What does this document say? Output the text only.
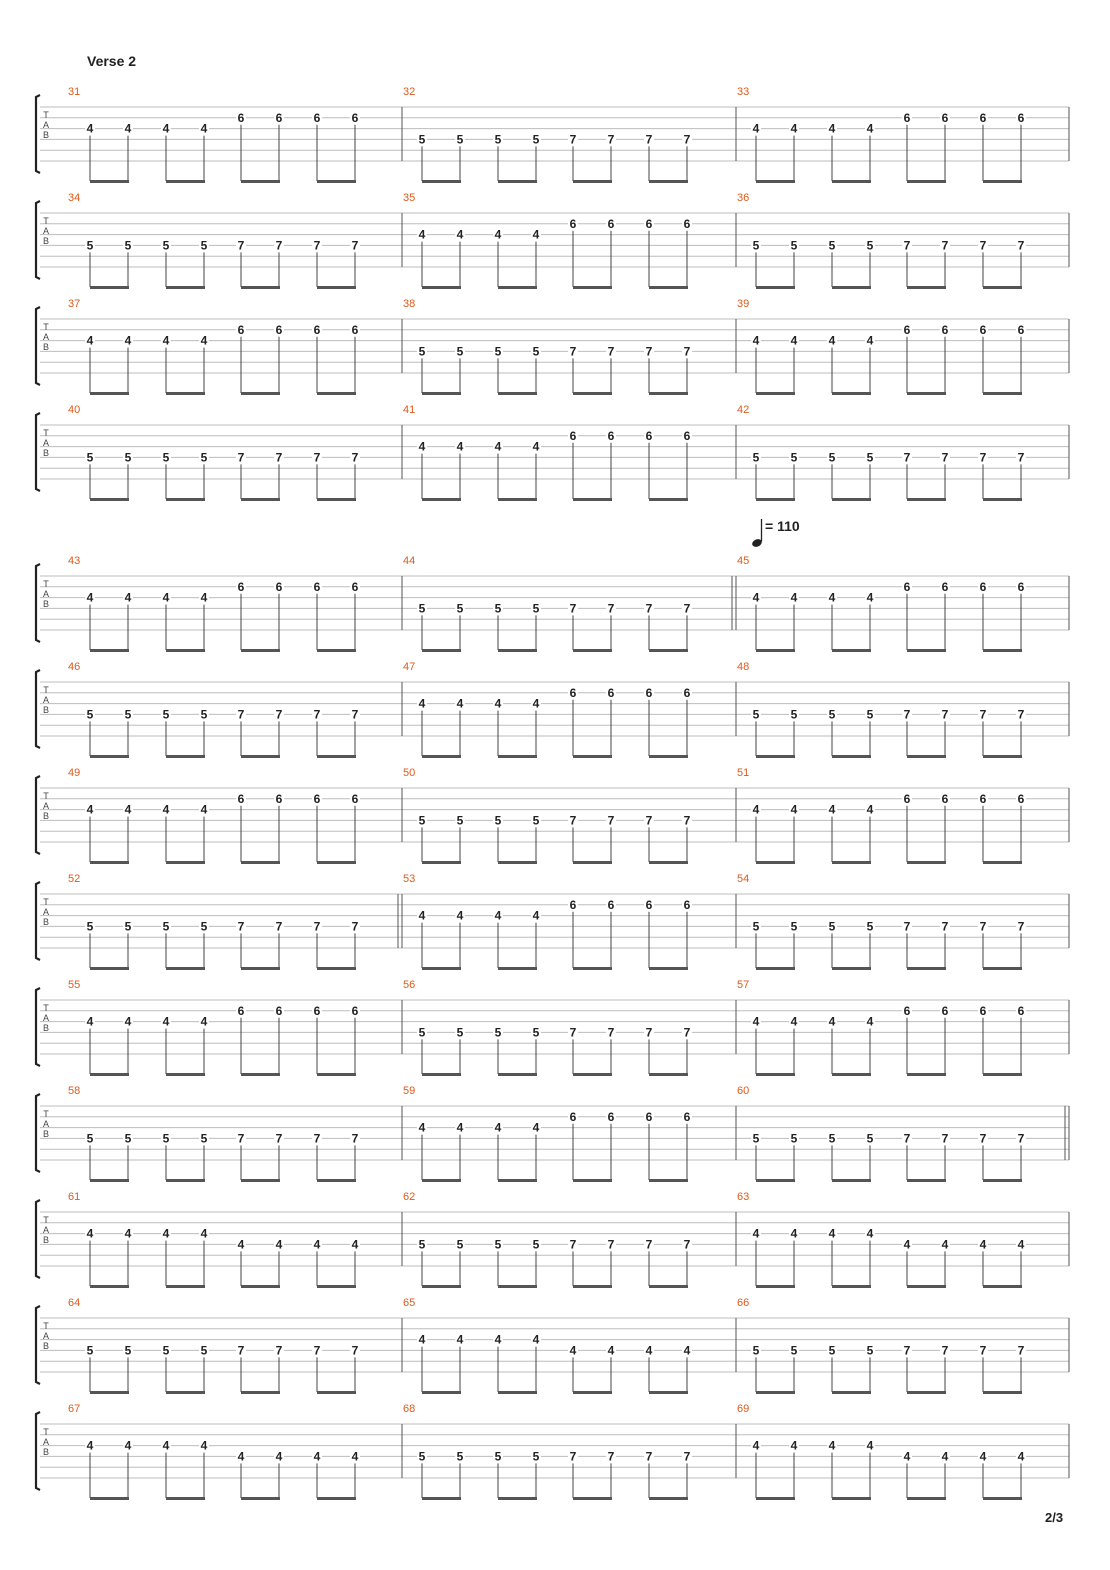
Verse 2
= 110
T
A
B
31
4	4	4	4
6	6	6	6
32
5	5	5	5	7	7	7	7
33
4	4	4	4
6	6	6	6
T
A
B
34
5	5	5	5	7	7	7	7
35
4	4	4	4
6	6	6	6
36
5	5	5	5	7	7	7	7
T
A
B
37
4	4	4	4
6	6	6	6
38
5	5	5	5	7	7	7	7
39
4	4	4	4
6	6	6	6
T
A
B
40
5	5	5	5	7	7	7	7
41
4	4	4	4
6	6	6	6
42
5	5	5	5	7	7	7	7
T
A
B
43
4	4	4	4
6	6	6	6
44
5	5	5	5	7	7	7	7
45
4	4	4	4
6	6	6	6
T
A
B
46
5	5	5	5	7	7	7	7
47
4	4	4	4
6	6	6	6
48
5	5	5	5	7	7	7	7
T
A
B
49
4	4	4	4
6	6	6	6
50
5	5	5	5	7	7	7	7
51
4	4	4	4
6	6	6	6
T
A
B
52
5	5	5	5	7	7	7	7
53
4	4	4	4
6	6	6	6
54
5	5	5	5	7	7	7	7
T
A
B
55
4	4	4	4
6	6	6	6
56
5	5	5	5	7	7	7	7
57
4	4	4	4
6	6	6	6
T
A
B
58
5	5	5	5	7	7	7	7
59
4	4	4	4
6	6	6	6
60
5	5	5	5	7	7	7	7
T
A
B
61
4	4	4	4
4	4	4	4
62
5	5	5	5	7	7	7	7
63
4	4	4	4
4	4	4	4
T
A
B
64
5	5	5	5	7	7	7	7
65
4	4	4	4
4	4	4	4
66
5	5	5	5	7	7	7	7
T
A
B
67
4	4	4	4
4	4	4	4
68
5	5	5	5	7	7	7	7
69
4	4	4	4
4	4	4	4
2/3
